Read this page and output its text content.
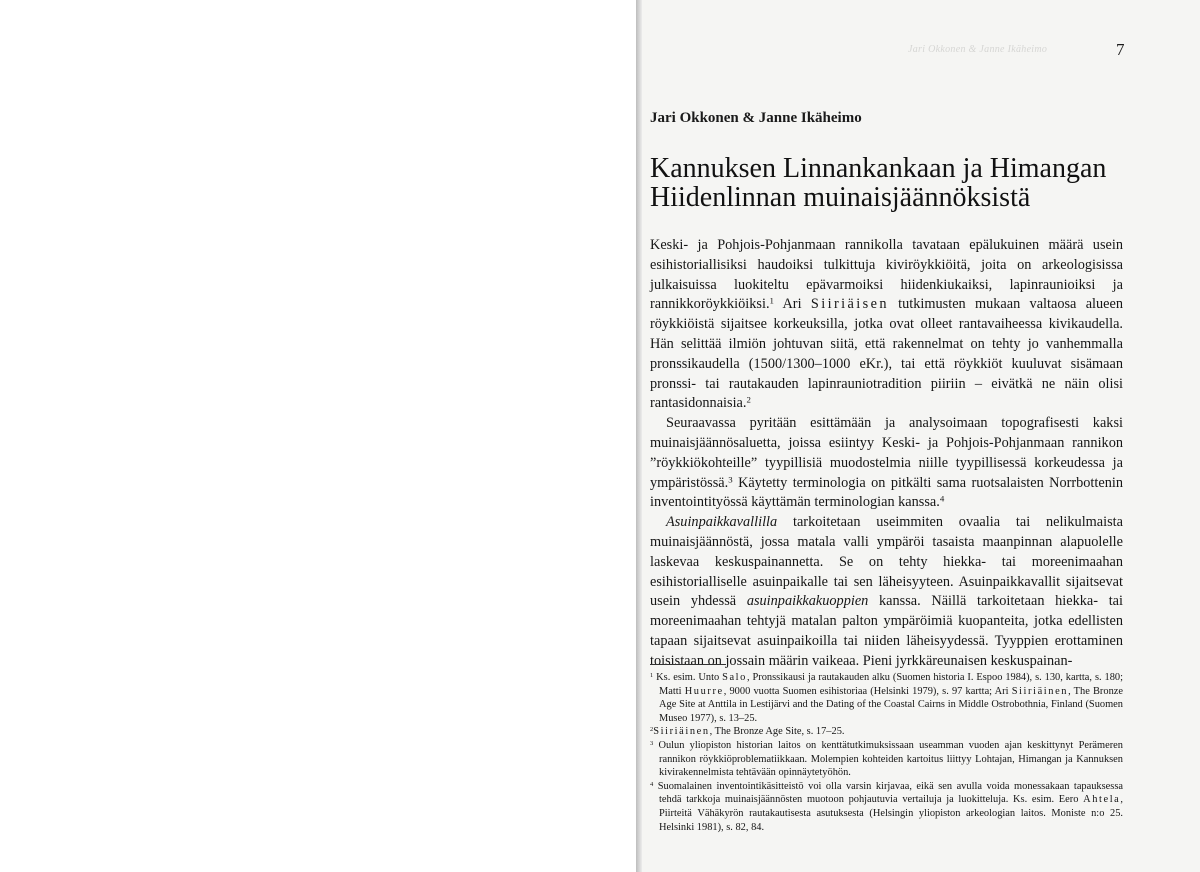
Jari Okkonen & Janne Ikäheimo	7
Jari Okkonen & Janne Ikäheimo
Kannuksen Linnankankaan ja Himangan
Hiidenlinnan muinaisjäännöksistä

Keski- ja Pohjois-Pohjanmaan rannikolla tavataan epälukuinen määrä usein esihistoriallisiksi haudoiksi tulkittuja kiviröykkiöitä, joita on arkeologisissa julkaisuissa luokiteltu epävarmoiksi hiidenkiukaiksi, lapinraunioiksi ja rannikkoröykkiöiksi.$^1$ Ari Siiriäisen tutkimusten mukaan valtaosa alueen röykkiöistä sijaitsee korkeuksilla, jotka ovat olleet rantavaiheessa kivikaudella. Hän selittää ilmiön johtuvan siitä, että rakennelmat on tehty jo vanhemmalla pronssikaudella (1500/1300–1000 eKr.), tai että röykkiöt kuuluvat sisämaan pronssi- tai rautakauden lapinrauniotradition piiriin – eivätkä ne näin olisi rantasidonnaisia.$^2$

Seuraavassa pyritään esittämään ja analysoimaan topografisesti kaksi muinaisjäännösaluetta, joissa esiintyy Keski- ja Pohjois-Pohjanmaan rannikon ”röykkiökohteille” tyypillisiä muodostelmia niille tyypillisessä korkeudessa ja ympäristössä.$^3$ Käytetty terminologia on pitkälti sama ruotsalaisten Norrbottenin inventointityössä käyttämän terminologian kanssa.$^4$

Asuinpaikkavallilla tarkoitetaan useimmiten ovaalia tai nelikulmaista muinaisjäännöstä, jossa matala valli ympäröi tasaista maanpinnan alapuolelle laskevaa keskuspainannetta. Se on tehty hiekka- tai moreenimaahan esihistorialliselle asuinpaikalle tai sen läheisyyteen. Asuinpaikkavallit sijaitsevat usein yhdessä asuinpaikkakuoppien kanssa. Näillä tarkoitetaan hiekka- tai moreenimaahan tehtyjä matalan palton ympäröimiä kuopanteita, jotka edellisten tapaan sijaitsevat asuinpaikoilla tai niiden läheisyydessä. Tyyppien erottaminen toisistaan on jossain määrin vaikeaa. Pieni jyrkkäreunaisen keskuspainan-

$^1$ Ks. esim. Unto Salo, Pronssikausi ja rautakauden alku (Suomen historia I. Espoo 1984), s. 130, kartta, s. 180; Matti Huurre, 9000 vuotta Suomen esihistoriaa (Helsinki 1979), s. 97 kartta; Ari Siiriäinen, The Bronze Age Site at Anttila in Lestijärvi and the Dating of the Coastal Cairns in Middle Ostrobothnia, Finland (Suomen Museo 1977), s. 13–25.

$^2$Siiriäinen, The Bronze Age Site, s. 17–25.

$^3$ Oulun yliopiston historian laitos on kenttätutkimuksissaan useamman vuoden ajan keskittynyt Perämeren rannikon röykkiöproblematiikkaan. Molempien kohteiden kartoitus liittyy Lohtajan, Himangan ja Kannuksen kivirakennelmista tehtävään opinnäytetyöhön.

$^4$ Suomalainen inventointikäsitteistö voi olla varsin kirjavaa, eikä sen avulla voida monessakaan tapauksessa tehdä tarkkoja muinaisjäännösten muotoon pohjautuvia vertailuja ja luokitteluja. Ks. esim. Eero Ahtela, Piirteitä Vähäkyrön rautakautisesta asutuksesta (Helsingin yliopiston arkeologian laitos. Moniste n:o 25. Helsinki 1981), s. 82, 84.
